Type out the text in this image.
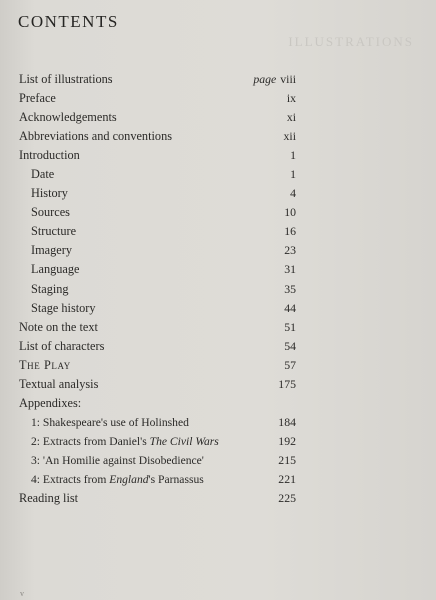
ILLUSTRATIONS
CONTENTS
List of illustrations	page viii
Preface	ix
Acknowledgements	xi
Abbreviations and conventions	xii
Introduction	1
Date	1
History	4
Sources	10
Structure	16
Imagery	23
Language	31
Staging	35
Stage history	44
Note on the text	51
List of characters	54
The Play	57
Textual analysis	175
Appendixes:
1: Shakespeare's use of Holinshed	184
2: Extracts from Daniel's The Civil Wars	192
3: 'An Homilie against Disobedience'	215
4: Extracts from England's Parnassus	221
Reading list	225
v
